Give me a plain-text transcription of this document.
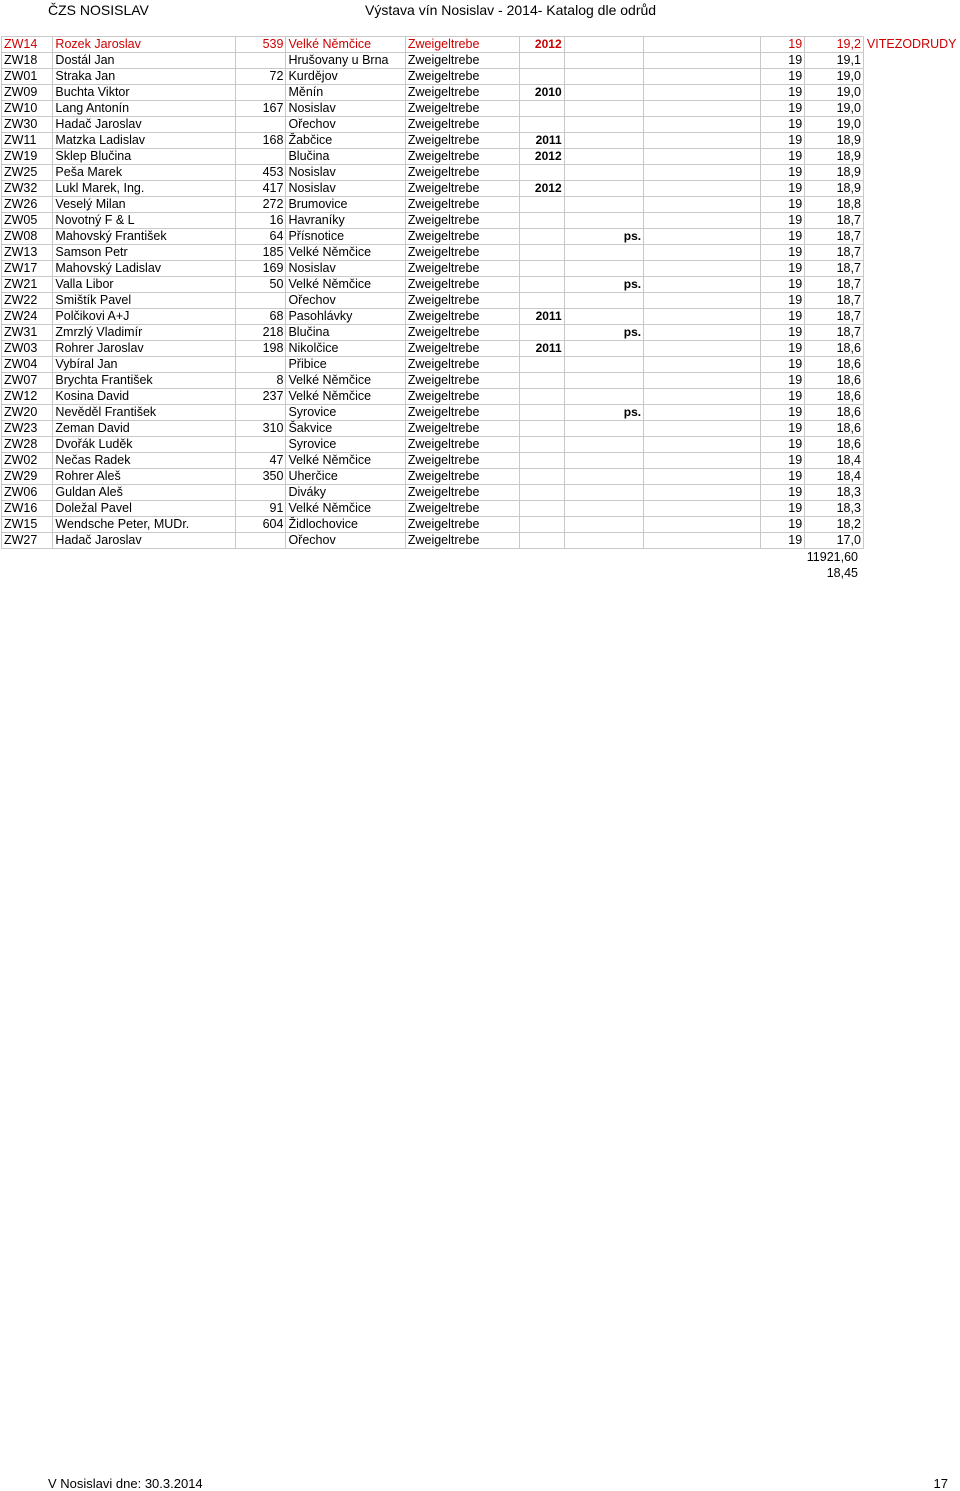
ČZS NOSISLAV	Výstava vín Nosislav - 2014- Katalog dle odrůd
ZW14	Rozek Jaroslav	539	Velké Němčice	Zweigeltrebe	2012			19	19,2	VITEZODRUDY
ZW18	Dostál Jan		Hrušovany u Brna	Zweigeltrebe				19	19,1	
ZW01	Straka Jan	72	Kurdějov	Zweigeltrebe				19	19,0	
ZW09	Buchta Viktor		Měnín	Zweigeltrebe	2010			19	19,0	
ZW10	Lang Antonín	167	Nosislav	Zweigeltrebe				19	19,0	
ZW30	Hadač Jaroslav		Ořechov	Zweigeltrebe				19	19,0	
ZW11	Matzka Ladislav	168	Žabčice	Zweigeltrebe	2011			19	18,9	
ZW19	Sklep Blučina		Blučina	Zweigeltrebe	2012			19	18,9	
ZW25	Peša Marek	453	Nosislav	Zweigeltrebe				19	18,9	
ZW32	Lukl Marek, Ing.	417	Nosislav	Zweigeltrebe	2012			19	18,9	
ZW26	Veselý Milan	272	Brumovice	Zweigeltrebe				19	18,8	
ZW05	Novotný F & L	16	Havraníky	Zweigeltrebe				19	18,7	
ZW08	Mahovský František	64	Přísnotice	Zweigeltrebe		ps.		19	18,7	
ZW13	Samson Petr	185	Velké Němčice	Zweigeltrebe				19	18,7	
ZW17	Mahovský Ladislav	169	Nosislav	Zweigeltrebe				19	18,7	
ZW21	Valla Libor	50	Velké Němčice	Zweigeltrebe		ps.		19	18,7	
ZW22	Smištík Pavel		Ořechov	Zweigeltrebe				19	18,7	
ZW24	Polčikovi A+J	68	Pasohlávky	Zweigeltrebe	2011			19	18,7	
ZW31	Zmrzlý Vladimír	218	Blučina	Zweigeltrebe		ps.		19	18,7	
ZW03	Rohrer Jaroslav	198	Nikolčice	Zweigeltrebe	2011			19	18,6	
ZW04	Vybíral Jan		Přibice	Zweigeltrebe				19	18,6	
ZW07	Brychta František	8	Velké Němčice	Zweigeltrebe				19	18,6	
ZW12	Kosina David	237	Velké Němčice	Zweigeltrebe				19	18,6	
ZW20	Nevěděl František		Syrovice	Zweigeltrebe		ps.		19	18,6	
ZW23	Zeman David	310	Šakvice	Zweigeltrebe				19	18,6	
ZW28	Dvořák Luděk		Syrovice	Zweigeltrebe				19	18,6	
ZW02	Nečas Radek	47	Velké Němčice	Zweigeltrebe				19	18,4	
ZW29	Rohrer Aleš	350	Uherčice	Zweigeltrebe				19	18,4	
ZW06	Guldan Aleš		Diváky	Zweigeltrebe				19	18,3	
ZW16	Doležal Pavel	91	Velké Němčice	Zweigeltrebe				19	18,3	
ZW15	Wendsche Peter, MUDr.	604	Židlochovice	Zweigeltrebe				19	18,2	
ZW27	Hadač Jaroslav		Ořechov	Zweigeltrebe				19	17,0	
11921,60
18,45
V Nosislavi dne: 30.3.2014	17
